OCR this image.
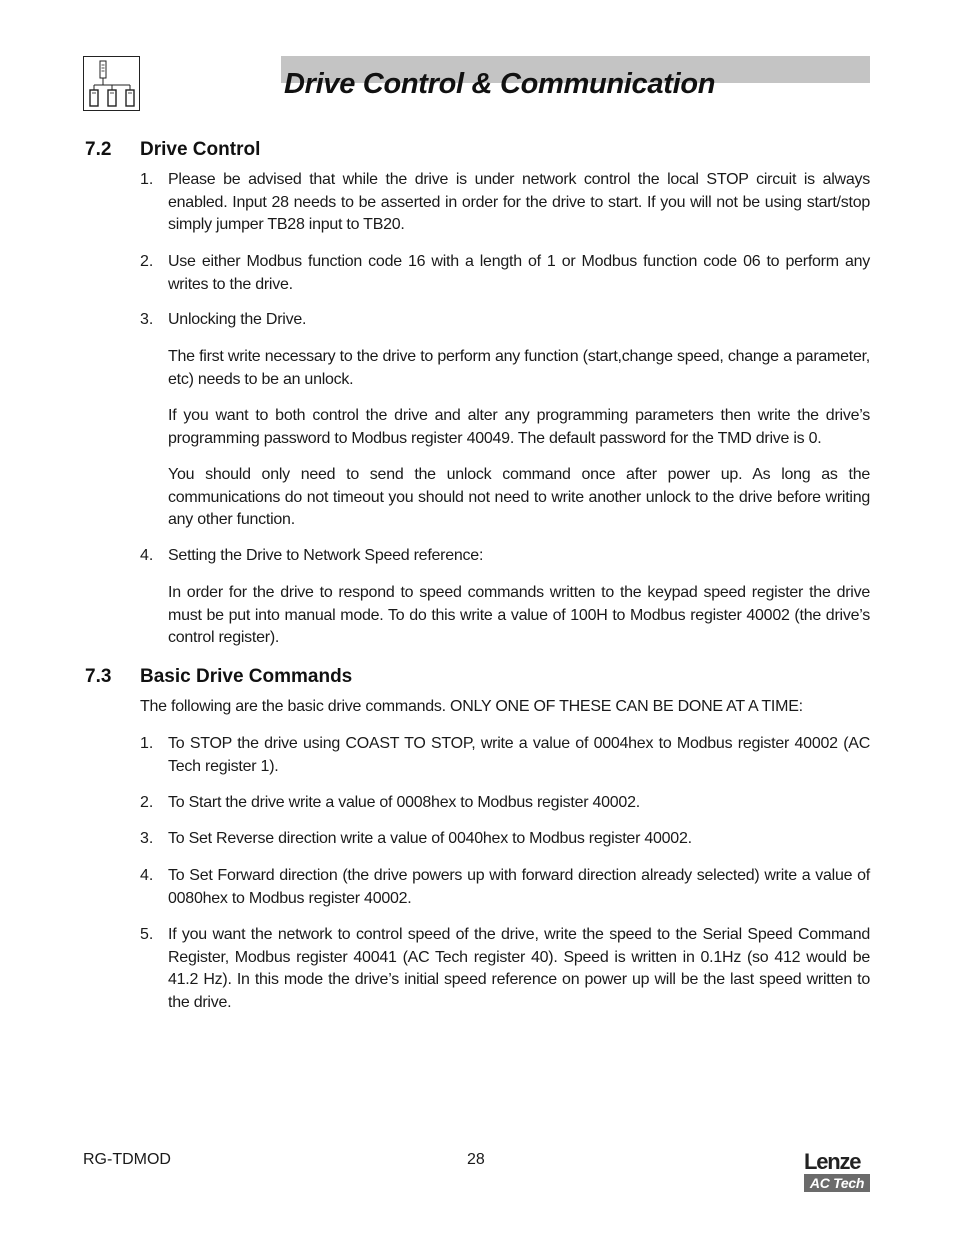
Drive Control & Communication
7.2 Drive Control
1. Please be advised that while the drive is under network control the local STOP circuit is always enabled. Input 28 needs to be asserted in order for the drive to start. If you will not be using start/stop simply jumper TB28 input to TB20.
2. Use either Modbus function code 16 with a length of 1 or Modbus function code 06 to perform any writes to the drive.
3. Unlocking the Drive.
The first write necessary to the drive to perform any function (start,change speed, change a parameter, etc) needs to be an unlock.
If you want to both control the drive and alter any programming parameters then write the drive’s programming password to Modbus register 40049. The default password for the TMD drive is 0.
You should only need to send the unlock command once after power up. As long as the communications do not timeout you should not need to write another unlock to the drive before writing any other function.
4. Setting the Drive to Network Speed reference:
In order for the drive to respond to speed commands written to the keypad speed register the drive must be put into manual mode. To do this write a value of 100H to Modbus register 40002 (the drive’s control register).
7.3 Basic Drive Commands
The following are the basic drive commands. ONLY ONE OF THESE CAN BE DONE AT A TIME:
1. To STOP the drive using COAST TO STOP, write a value of 0004hex to Modbus register 40002 (AC Tech register 1).
2. To Start the drive write a value of 0008hex to Modbus register 40002.
3. To Set Reverse direction write a value of 0040hex to Modbus register 40002.
4. To Set Forward direction (the drive powers up with forward direction already selected) write a value of 0080hex to Modbus register 40002.
5. If you want the network to control speed of the drive, write the speed to the Serial Speed Command Register, Modbus register 40041 (AC Tech register 40). Speed is written in 0.1Hz (so 412 would be 41.2 Hz). In this mode the drive’s initial speed reference on power up will be the last speed written to the drive.
RG-TDMOD	28	Lenze
AC Tech
